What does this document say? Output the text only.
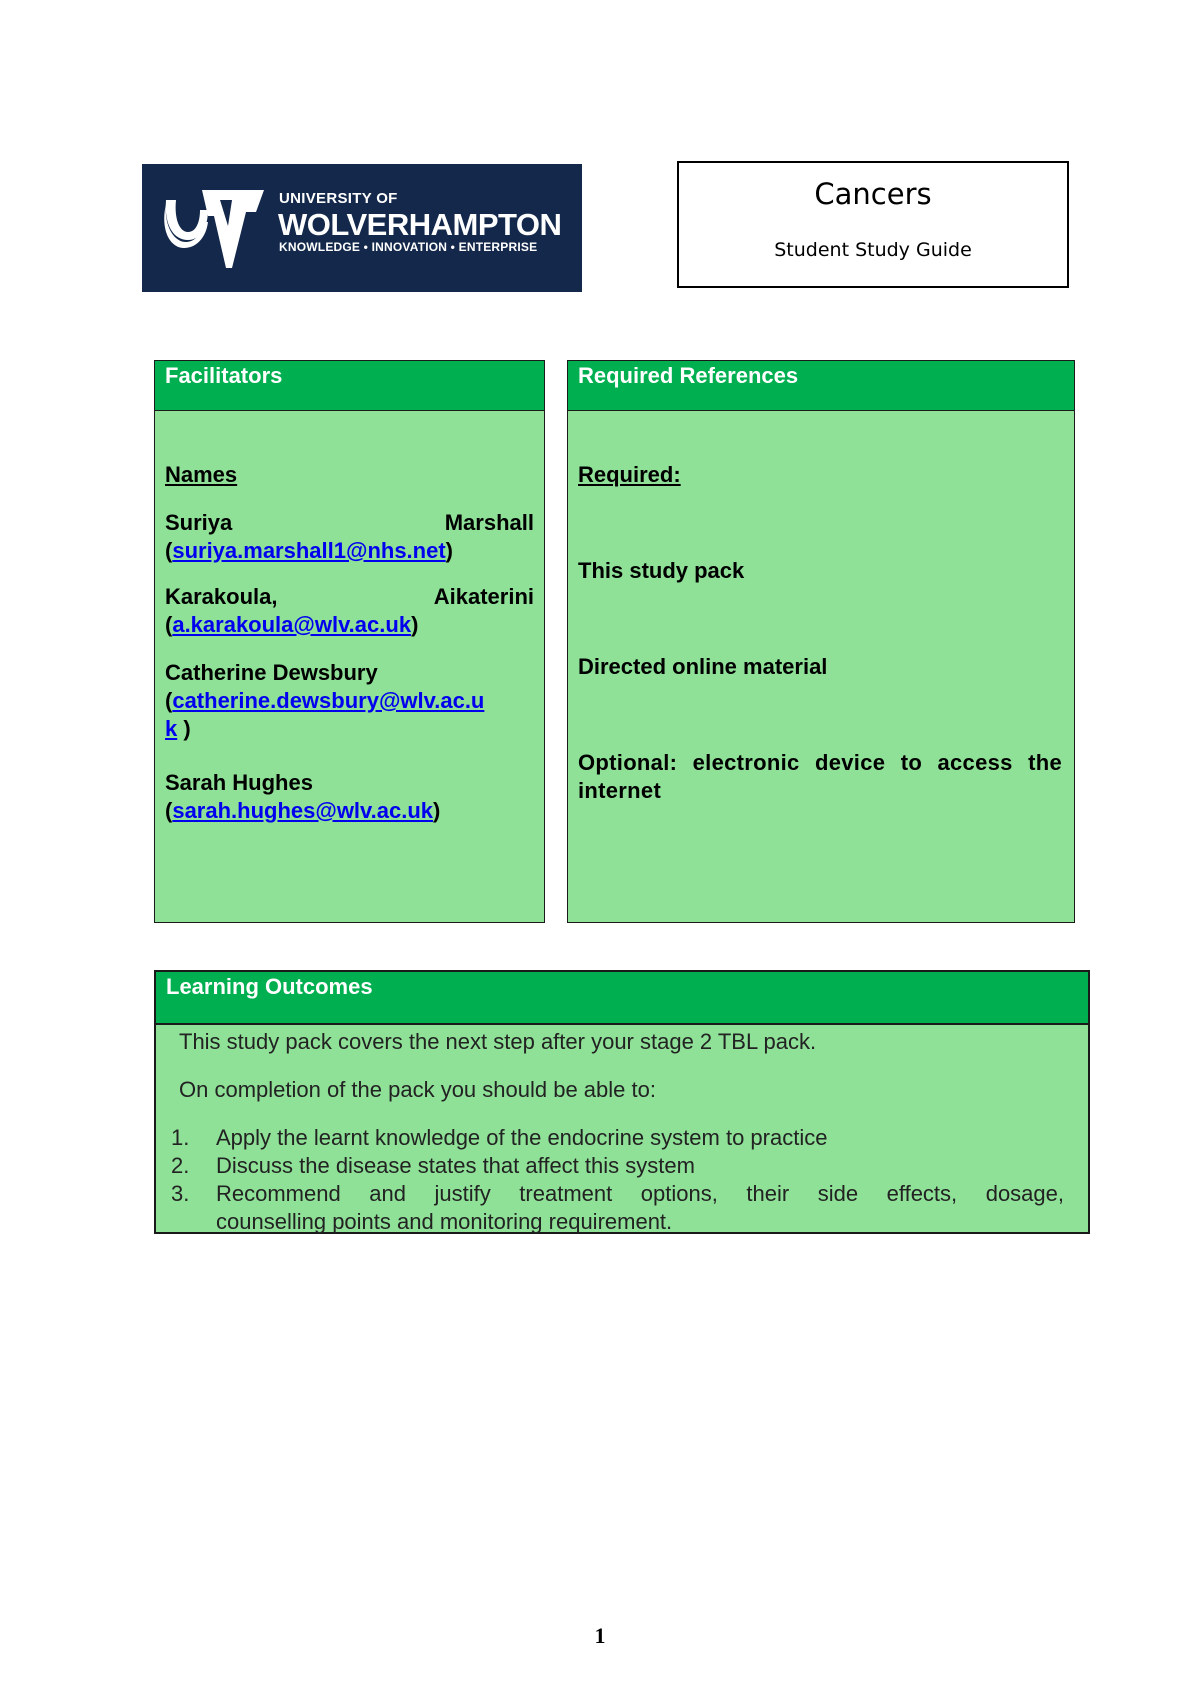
UNIVERSITY OF
WOLVERHAMPTON
KNOWLEDGE • INNOVATION • ENTERPRISE
Cancers
Student Study Guide
Facilitators
Names
Suriya	Marshall
(suriya.marshall1@nhs.net)
Karakoula,	Aikaterini
(a.karakoula@wlv.ac.uk)
Catherine Dewsbury
(catherine.dewsbury@wlv.ac.u
k )
Sarah Hughes
(sarah.hughes@wlv.ac.uk)
Required References
Required:
This study pack
Directed online material
Optional: electronic device to access the internet
Learning Outcomes
This study pack covers the next step after your stage 2 TBL pack.
On completion of the pack you should be able to:
1. Apply the learnt knowledge of the endocrine system to practice
2. Discuss the disease states that affect this system
3. Recommend and justify treatment options, their side effects, dosage,
counselling points and monitoring requirement.
1
